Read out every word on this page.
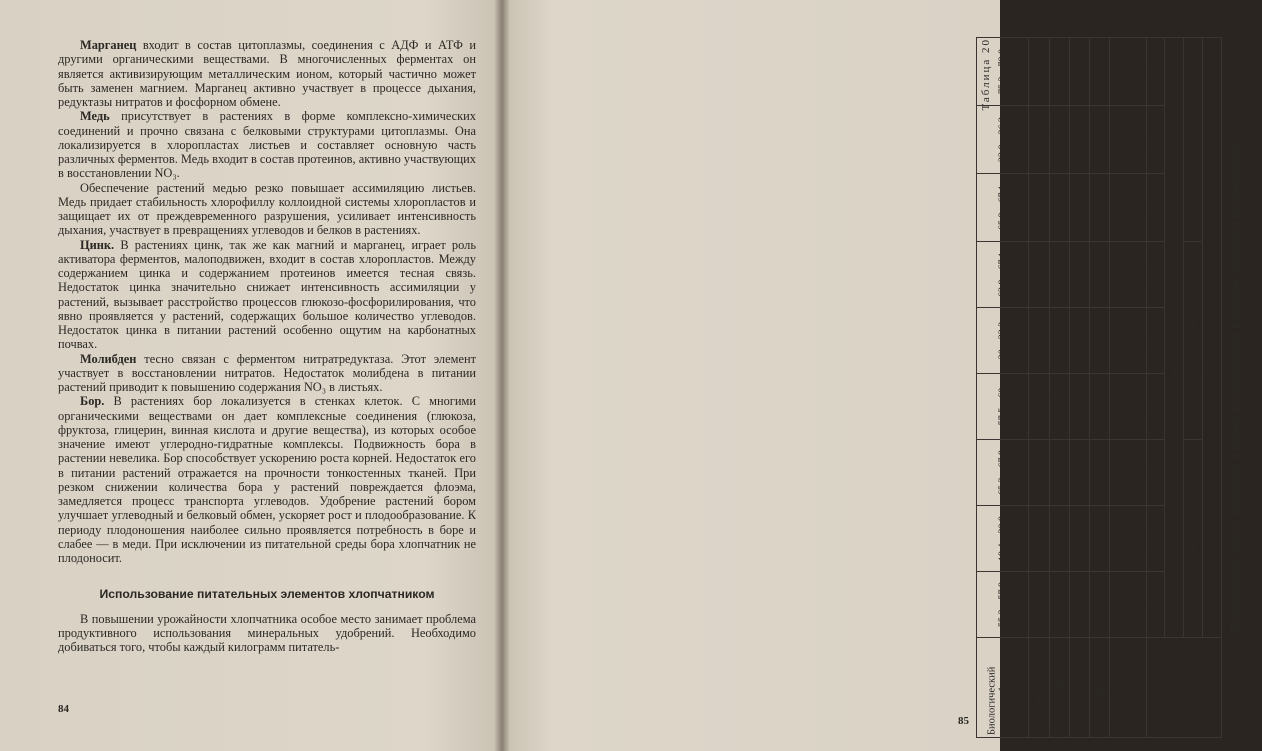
Марганец входит в состав цитоплазмы, соединения с АДФ и АТФ и другими органическими веществами. В многочисленных ферментах он является активизирующим металлическим ионом, который частично может быть заменен магнием. Марганец активно участвует в процессе дыхания, редуктазы нитратов и фосфорном обмене.

Медь присутствует в растениях в форме комплексно-химических соединений и прочно связана с белковыми структурами цитоплазмы. Она локализируется в хлоропластах листьев и составляет основную часть различных ферментов. Медь входит в состав протеинов, активно участвующих в восстановлении NO₃.

Обеспечение растений медью резко повышает ассимиляцию листьев. Медь придает стабильность хлорофиллу коллоидной системы хлоропластов и защищает их от преждевременного разрушения, усиливает интенсивность дыхания, участвует в превращениях углеводов и белков в растениях.

Цинк. В растениях цинк, так же как магний и марганец, играет роль активатора ферментов, малоподвижен, входит в состав хлоропластов. Между содержанием цинка и содержанием протеинов имеется тесная связь. Недостаток цинка значительно снижает интенсивность ассимиляции у растений, вызывает расстройство процессов глюкозо-фосфорилирования, что явно проявляется у растений, содержащих большое количество углеводов. Недостаток цинка в питании растений особенно ощутим на карбонатных почвах.

Молибден тесно связан с ферментом нитратредуктаза. Этот элемент участвует в восстановлении нитратов. Недостаток молибдена в питании растений приводит к повышению содержания NO₃ в листьях.

Бор. В растениях бор локализуется в стенках клеток. С многими органическими веществами он дает комплексные соединения (глюкоза, фруктоза, глицерин, винная кислота и другие вещества), из которых особое значение имеют углеродно-гидратные комплексы. Подвижность бора в растении невелика. Бор способствует ускорению роста корней. Недостаток его в питании растений отражается на прочности тонкостенных тканей. При резком снижении количества бора у растений повреждается флоэма, замедляется процесс транспорта углеводов. Удобрение растений бором улучшает углеводный и белковый обмен, ускоряет рост и плодообразование. К периоду плодоношения наиболее сильно проявляется потребность в боре и слабее — в меди. При исключении из питательной среды бора хлопчатник не плодоносит.

Использование питательных элементов хлопчатником

В повышении урожайности хлопчатника особое место занимает проблема продуктивного использования минеральных удобрений. Необходимо добиваться того, чтобы каждый килограмм питатель-

84
Таблица 20
Фазы развития хлопчатника	Сорт хлопчатника								
	«108-Ф» при урожае хлопка-сырца 34 ц/га			«Ташкент-1» при урожае хлопка-сырца 36,0 ц/га			«6465- В» при урожае хлопка-сырца 34 ц/га		
	Общее потребление, кг/га								
	N	P₂O₅	K₂O	N	P₂O₅	K₂O	N	P₂O₅	K₂O
3 — 4 настоящих листа	0,5—0,9	0,3—0,5	—	0,3—0,6	0,2—0,4	—	1,9—2,7	0,3—0,6	—
Бутонизация	28—36	10—14	—	29—34	9—12	—	31—39	14—16	—
Массовое цветение	71—78	16—19	—	76—82	19—21	—	84—90	22—29	—
Начало созревания	154—160	54—58	—	163—172	61—68	—	191—192	73—75	—
Конец вегетации	188—197	66—71	222—231	207—216	72—80	230—242	221—228	81—89	256—268
Биологический вынос на 1 тонну хлопка-сырца	55,3—57,9	19,4—20,9	65,3—67,9	57,5—60	20—22,2	63,9—67,1	65,8—67,1	23,8—26,2	75,3—78,8
Потребление азота, фосфора и калия хлопчатником в разные периоды его развития
85
